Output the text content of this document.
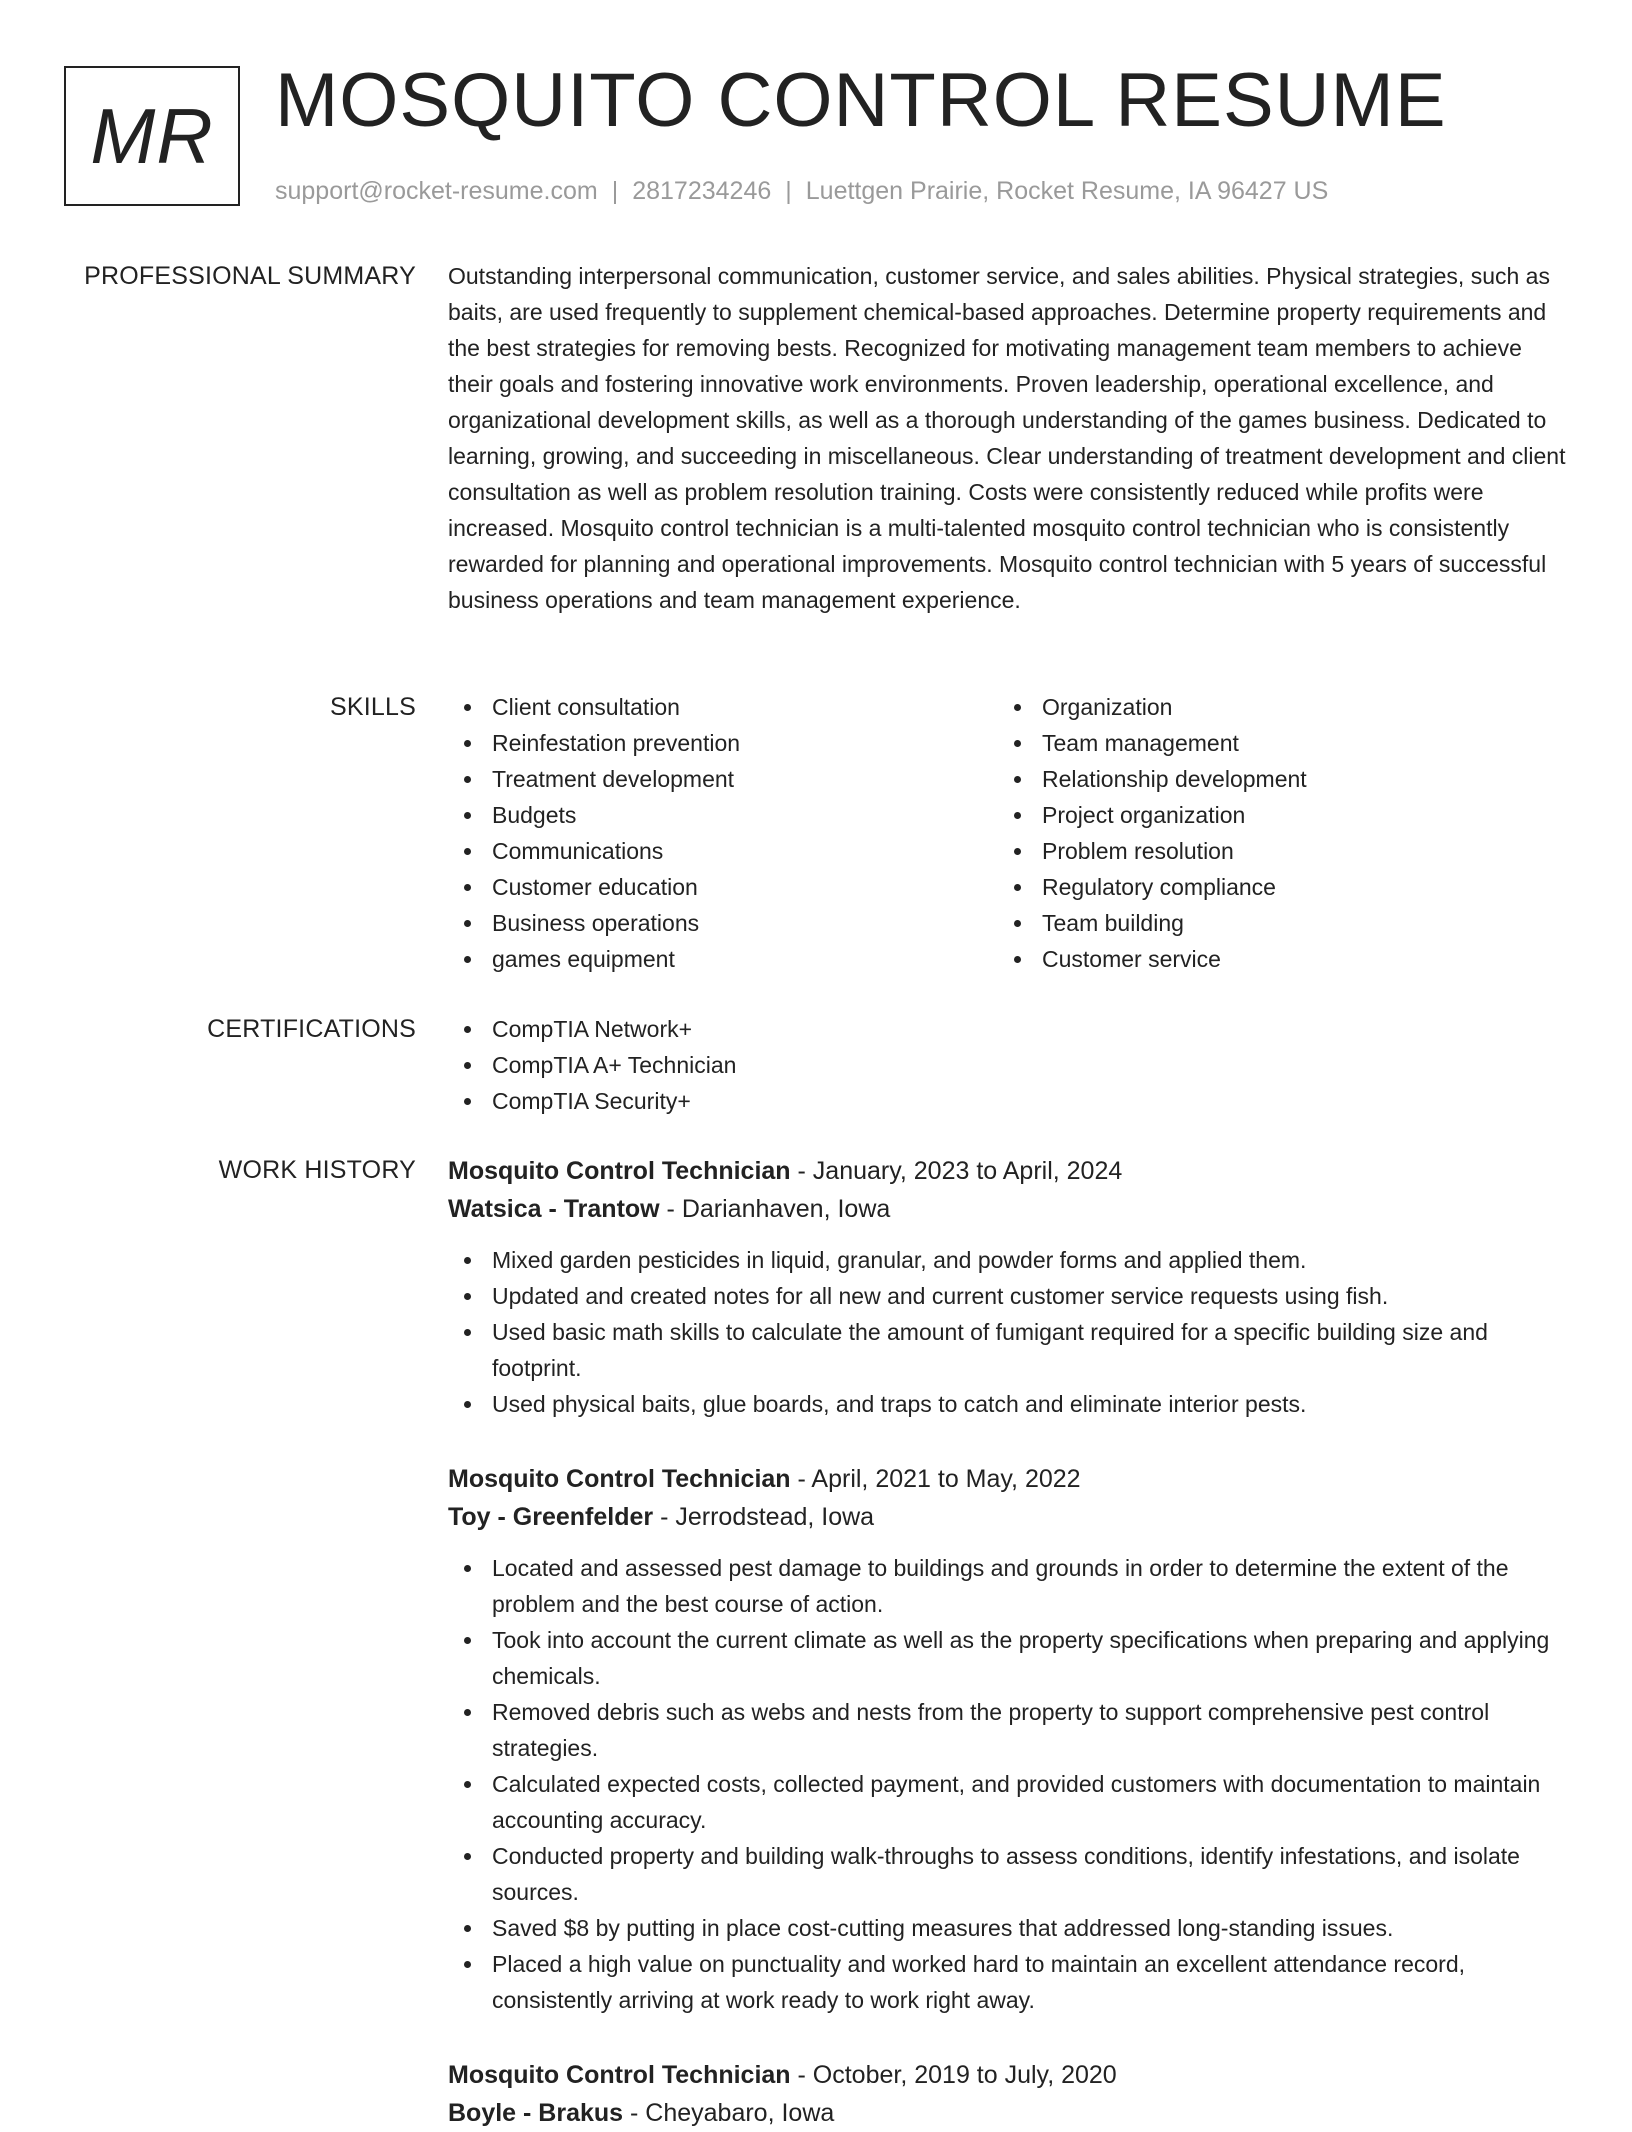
MR MOSQUITO CONTROL RESUME
support@rocket-resume.com | 2817234246 | Luettgen Prairie, Rocket Resume, IA 96427 US
PROFESSIONAL SUMMARY Outstanding interpersonal communication, customer service, and sales abilities. Physical strategies, such as baits, are used frequently to supplement chemical-based approaches. Determine property requirements and the best strategies for removing bests. Recognized for motivating management team members to achieve their goals and fostering innovative work environments. Proven leadership, operational excellence, and organizational development skills, as well as a thorough understanding of the games business. Dedicated to learning, growing, and succeeding in miscellaneous. Clear understanding of treatment development and client consultation as well as problem resolution training. Costs were consistently reduced while profits were increased. Mosquito control technician is a multi-talented mosquito control technician who is consistently rewarded for planning and operational improvements. Mosquito control technician with 5 years of successful business operations and team management experience.

SKILLS	Client consultation
Reinfestation prevention
Treatment development
Budgets
Communications
Customer education
Business operations
games equipment
Organization
Team management
Relationship development
Project organization
Problem resolution
Regulatory compliance
Team building
Customer service
CERTIFICATIONS	CompTIA Network+
CompTIA A+ Technician
CompTIA Security+
WORK HISTORY Mosquito Control Technician - January, 2023 to April, 2024
Watsica - Trantow - Darianhaven, Iowa
Mixed garden pesticides in liquid, granular, and powder forms and applied them.
Updated and created notes for all new and current customer service requests using fish.
Used basic math skills to calculate the amount of fumigant required for a specific building size and footprint.
Used physical baits, glue boards, and traps to catch and eliminate interior pests.
Mosquito Control Technician - April, 2021 to May, 2022
Toy - Greenfelder - Jerrodstead, Iowa
Located and assessed pest damage to buildings and grounds in order to determine the extent of the problem and the best course of action.
Took into account the current climate as well as the property specifications when preparing and applying chemicals.
Removed debris such as webs and nests from the property to support comprehensive pest control strategies.
Calculated expected costs, collected payment, and provided customers with documentation to maintain accounting accuracy.
Conducted property and building walk-throughs to assess conditions, identify infestations, and isolate sources.
Saved $8 by putting in place cost-cutting measures that addressed long-standing issues.
Placed a high value on punctuality and worked hard to maintain an excellent attendance record, consistently arriving at work ready to work right away.
Mosquito Control Technician - October, 2019 to July, 2020
Boyle - Brakus - Cheyabaro, Iowa
